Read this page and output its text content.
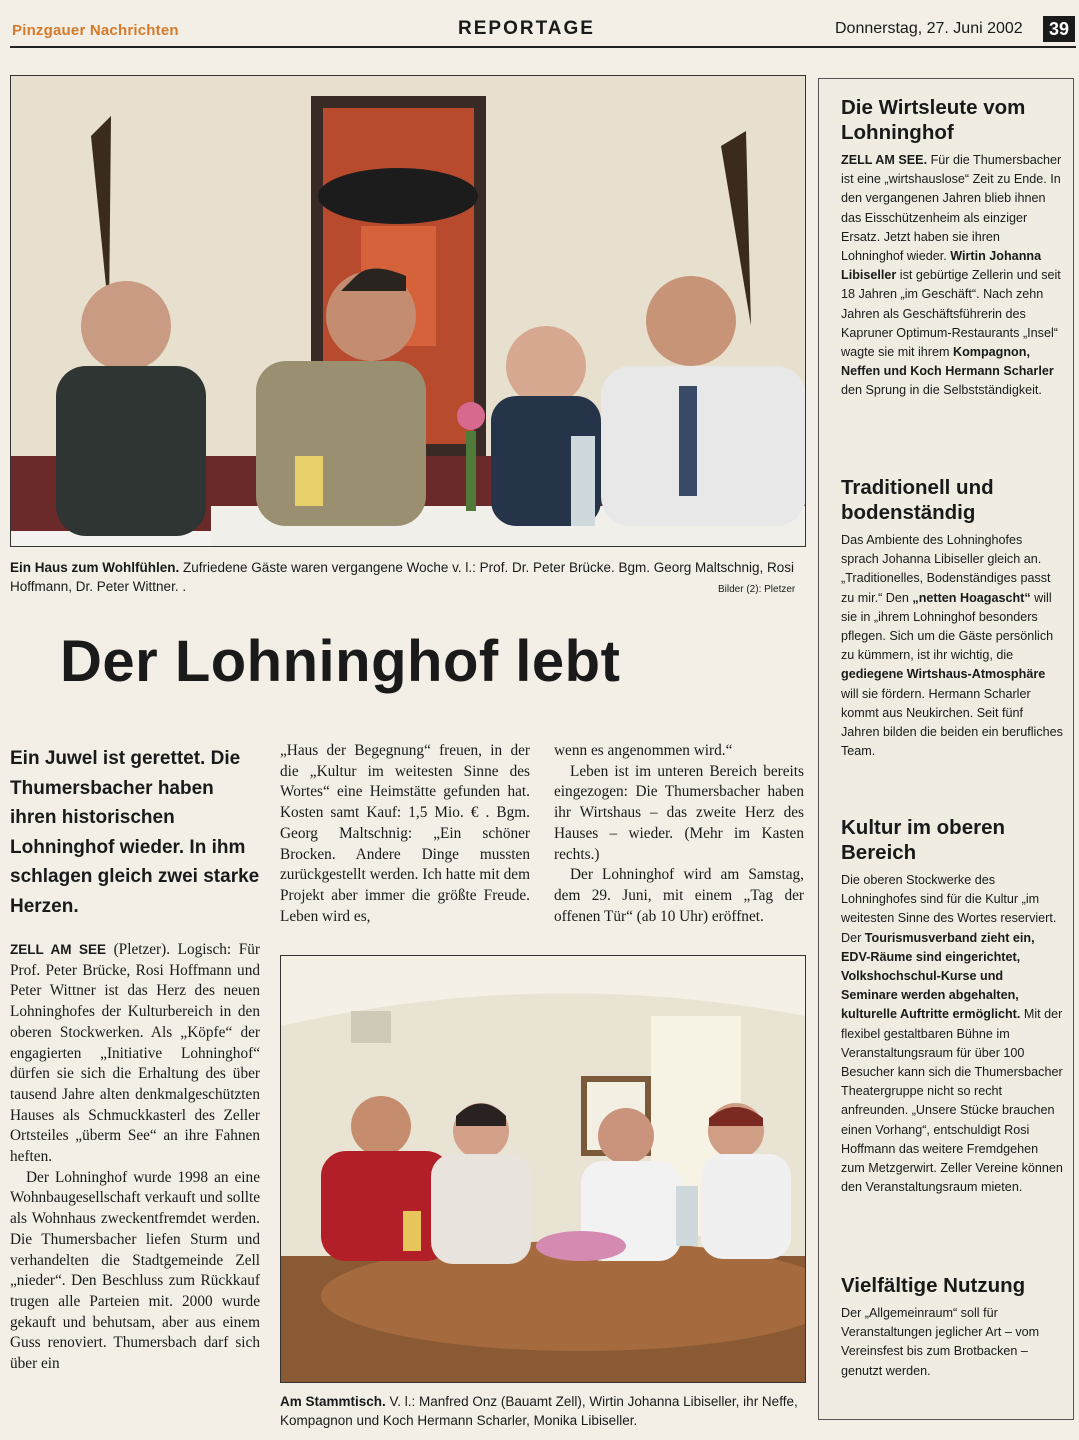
Pinzgauer Nachrichten	REPORTAGE	Donnerstag, 27. Juni 2002	39
Ein Haus zum Wohlfühlen. Zufriedene Gäste waren vergangene Woche v. l.: Prof. Dr. Peter Brücke. Bgm. Georg Maltschnig, Rosi Hoffmann, Dr. Peter Wittner. .	Bilder (2): Pletzer
Der Lohninghof lebt
Ein Juwel ist gerettet. Die Thumersbacher haben ihren historischen Lohninghof wieder. In ihm schlagen gleich zwei starke Herzen.

ZELL AM SEE (Pletzer). Logisch: Für Prof. Peter Brücke, Rosi Hoffmann und Peter Wittner ist das Herz des neuen Lohninghofes der Kulturbereich in den oberen Stockwerken. Als „Köpfe“ der engagierten „Initiative Lohninghof“ dürfen sie sich die Erhaltung des über tausend Jahre alten denkmalgeschützten Hauses als Schmuckkasterl des Zeller Ortsteiles „überm See“ an ihre Fahnen heften.

Der Lohninghof wurde 1998 an eine Wohnbaugesellschaft verkauft und sollte als Wohnhaus zweckentfremdet werden. Die Thumersbacher liefen Sturm und verhandelten die Stadtgemeinde Zell „nieder“. Den Beschluss zum Rückkauf trugen alle Parteien mit. 2000 wurde gekauft und behutsam, aber aus einem Guss renoviert. Thumersbach darf sich über ein

„Haus der Begegnung“ freuen, in der die „Kultur im weitesten Sinne des Wortes“ eine Heimstätte gefunden hat. Kosten samt Kauf: 1,5 Mio. € . Bgm. Georg Maltschnig: „Ein schöner Brocken. Andere Dinge mussten zurückgestellt werden. Ich hatte mit dem Projekt aber immer die größte Freude. Leben wird es,

wenn es angenommen wird.“

Leben ist im unteren Bereich bereits eingezogen: Die Thumersbacher haben ihr Wirtshaus – das zweite Herz des Hauses – wieder. (Mehr im Kasten rechts.)

Der Lohninghof wird am Samstag, dem 29. Juni, mit einem „Tag der offenen Tür“ (ab 10 Uhr) eröffnet.

Am Stammtisch. V. l.: Manfred Onz (Bauamt Zell), Wirtin Johanna Libiseller, ihr Neffe, Kompagnon und Koch Hermann Scharler, Monika Libiseller.
Die Wirtsleute vom Lohninghof

ZELL AM SEE. Für die Thumersbacher ist eine „wirtshauslose“ Zeit zu Ende. In den vergangenen Jahren blieb ihnen das Eisschützenheim als einziger Ersatz. Jetzt haben sie ihren Lohninghof wieder. Wirtin Johanna Libiseller ist gebürtige Zellerin und seit 18 Jahren „im Geschäft“. Nach zehn Jahren als Geschäftsführerin des Kapruner Optimum-Restaurants „Insel“ wagte sie mit ihrem Kompagnon, Neffen und Koch Hermann Scharler den Sprung in die Selbstständigkeit.

Traditionell und bodenständig

Das Ambiente des Lohninghofes sprach Johanna Libiseller gleich an. „Traditionelles, Bodenständiges passt zu mir.“ Den „netten Hoagascht“ will sie in „ihrem Lohninghof besonders pflegen. Sich um die Gäste persönlich zu kümmern, ist ihr wichtig, die gediegene Wirtshaus-Atmosphäre will sie fördern. Hermann Scharler kommt aus Neukirchen. Seit fünf Jahren bilden die beiden ein berufliches Team.

Kultur im oberen Bereich

Die oberen Stockwerke des Lohninghofes sind für die Kultur „im weitesten Sinne des Wortes reserviert. Der Tourismusverband zieht ein, EDV-Räume sind eingerichtet, Volkshochschul-Kurse und Seminare werden abgehalten, kulturelle Auftritte ermöglicht. Mit der flexibel gestaltbaren Bühne im Veranstaltungsraum für über 100 Besucher kann sich die Thumersbacher Theatergruppe nicht so recht anfreunden. „Unsere Stücke brauchen einen Vorhang“, entschuldigt Rosi Hoffmann das weitere Fremdgehen zum Metzgerwirt. Zeller Vereine können den Veranstaltungsraum mieten.

Vielfältige Nutzung

Der „Allgemeinraum“ soll für Veranstaltungen jeglicher Art – vom Vereinsfest bis zum Brotbacken – genutzt werden.
